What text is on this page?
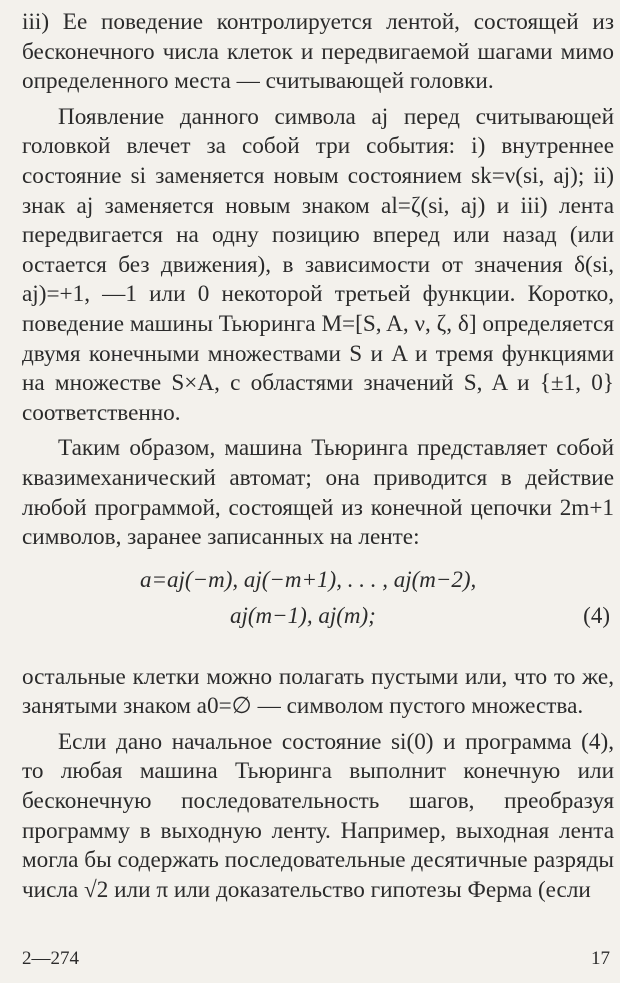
iii) Ее поведение контролируется лентой, состоящей из бесконечного числа клеток и передвигаемой шагами мимо определенного места — считывающей головки.

Появление данного символа aj перед считывающей головкой влечет за собой три события: i) внутреннее состояние si заменяется новым состоянием sk=ν(si, aj); ii) знак aj заменяется новым знаком al=ζ(si, aj) и iii) лента передвигается на одну позицию вперед или назад (или остается без движения), в зависимости от значения δ(si, aj)=+1, —1 или 0 некоторой третьей функции. Коротко, поведение машины Тьюринга M=[S, A, ν, ζ, δ] определяется двумя конечными множествами S и A и тремя функциями на множестве S×A, с областями значений S, A и {±1, 0} соответственно.

Таким образом, машина Тьюринга представляет собой квазимеханический автомат; она приводится в действие любой программой, состоящей из конечной цепочки 2m+1 символов, заранее записанных на ленте:

a=aj(−m), aj(−m+1), . . . , aj(m−2),
aj(m−1), aj(m);	(4)

остальные клетки можно полагать пустыми или, что то же, занятыми знаком a0=∅ — символом пустого множества.

Если дано начальное состояние si(0) и программа (4), то любая машина Тьюринга выполнит конечную или бесконечную последовательность шагов, преобразуя программу в выходную ленту. Например, выходная лента могла бы содержать последовательные десятичные разряды числа √2 или π или доказательство гипотезы Ферма (если

2—274	17
